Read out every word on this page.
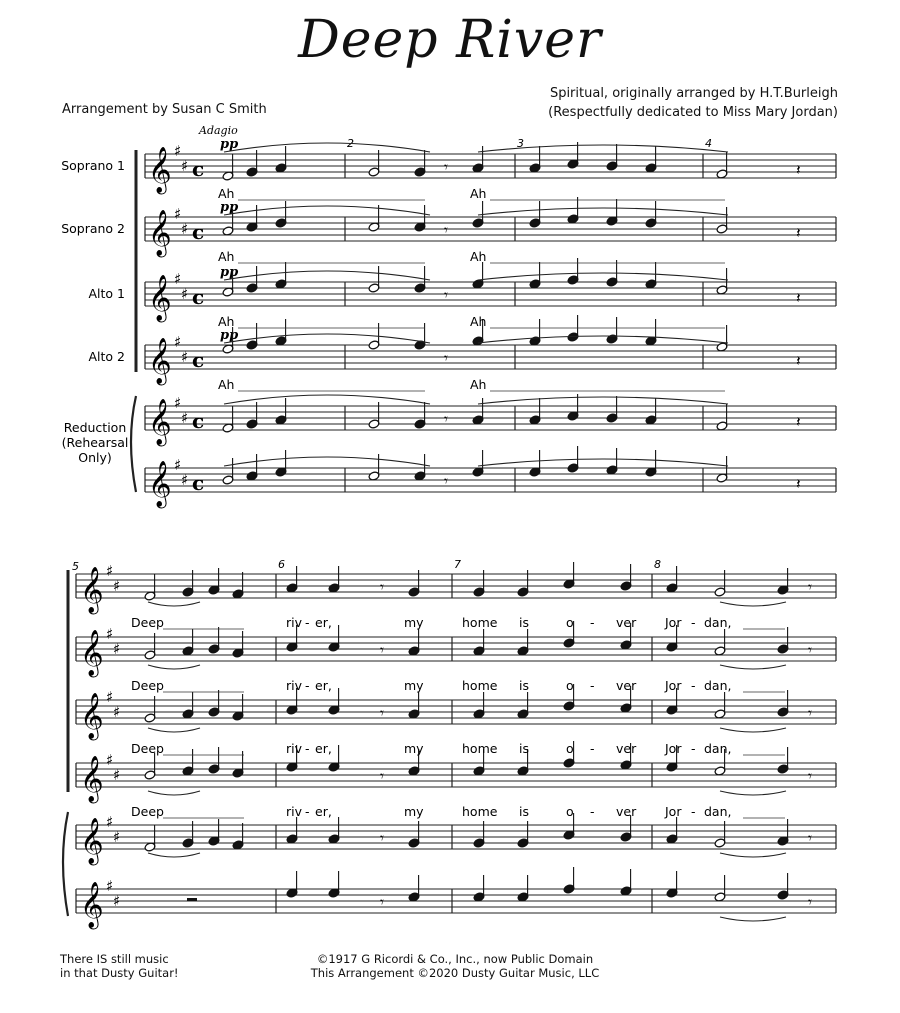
Deep River
Arrangement by Susan C Smith
Spiritual, originally arranged by H.T.Burleigh
(Respectfully dedicated to Miss Mary Jordan)
𝄞 ♯
♯ c
𝄞 ♯
♯ c
𝄞 ♯
♯ c
𝄞 ♯
♯ c
𝄞 ♯
♯ c
𝄞 ♯
♯ c
Soprano 1
Soprano 2
Alto 1
Alto 2
Reduction
(Rehearsal
Only)
Adagio
pp
pp
pp
pp
2	3	4
𝄾	𝄽
𝄾	𝄽
𝄾	𝄽
𝄾	𝄽
𝄾	𝄽
𝄾	𝄽
Ah	Ah
Ah	Ah
Ah	Ah
Ah	Ah
𝄞 ♯
♯
𝄞 ♯
♯
𝄞 ♯
♯
𝄞 ♯
♯
𝄞 ♯
♯
𝄞 ♯
♯
5	6	7	8
𝄾	𝄾
𝄾	𝄾
𝄾	𝄾
𝄾	𝄾
𝄾	𝄾
𝄾	𝄾
Deep	riv - er,	my	home is	o - ver Jor - dan,
Deep	riv - er,	my	home is	o - ver Jor - dan,
Deep	riv - er,	my	home is	o - ver Jor - dan,
Deep	riv - er,	my	home is	o - ver Jor - dan,
There IS still music
in that Dusty Guitar!
©1917 G Ricordi & Co., Inc., now Public Domain
This Arrangement ©2020 Dusty Guitar Music, LLC
